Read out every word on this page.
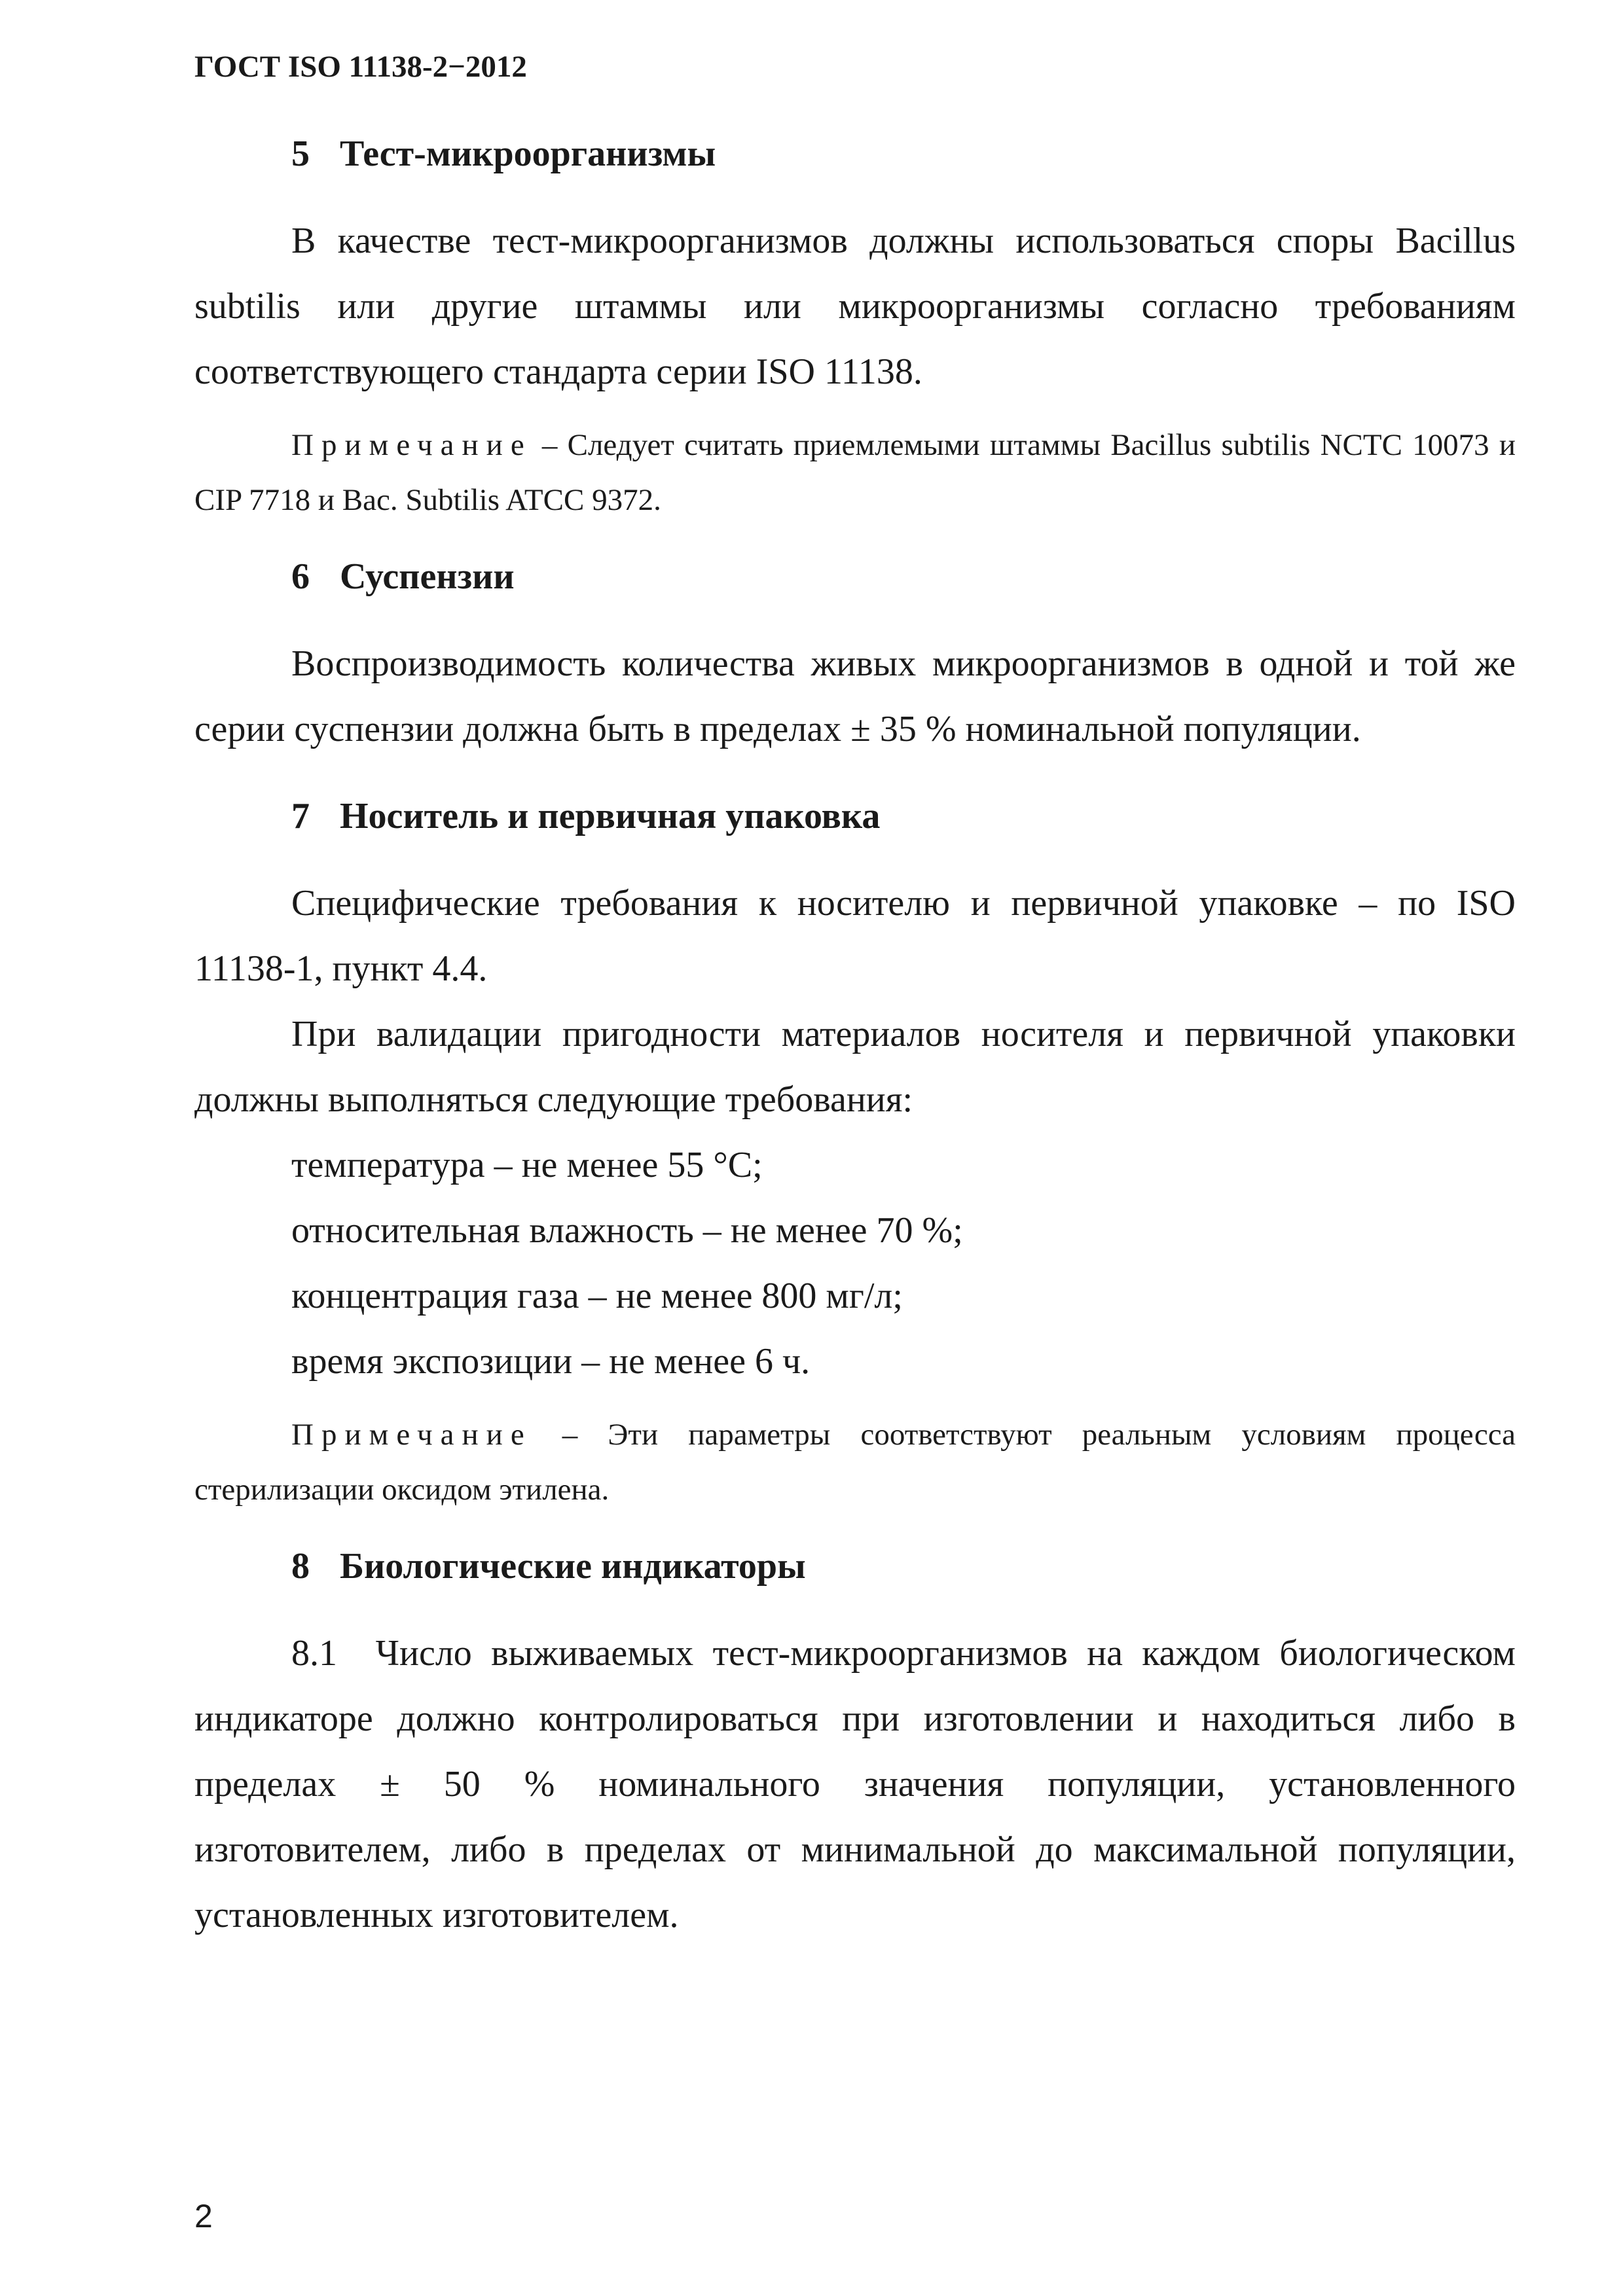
ГОСТ ISO 11138-2−2012
5 Тест-микроорганизмы

В качестве тест-микроорганизмов должны использоваться споры Bacillus subtilis или другие штаммы или микроорганизмы согласно требованиям соответствующего стандарта серии ISO 11138.

Примечание – Следует считать приемлемыми штаммы Bacillus subtilis NCTC 10073 и CIP 7718 и Bac. Subtilis ATCC 9372.

6 Суспензии

Воспроизводимость количества живых микроорганизмов в одной и той же серии суспензии должна быть в пределах ± 35 % номинальной популяции.

7 Носитель и первичная упаковка

Специфические требования к носителю и первичной упаковке – по ISO 11138-1, пункт 4.4.

При валидации пригодности материалов носителя и первичной упаковки должны выполняться следующие требования:

температура – не менее 55 °С;

относительная влажность – не менее 70 %;

концентрация газа – не менее 800 мг/л;

время экспозиции – не менее 6 ч.

Примечание – Эти параметры соответствуют реальным условиям процесса стерилизации оксидом этилена.

8 Биологические индикаторы

8.1  Число выживаемых тест-микроорганизмов на каждом биологическом индикаторе должно контролироваться при изготовлении и находиться либо в пределах ± 50 % номинального значения популяции, установленного изготовителем, либо в пределах от минимальной до максимальной популяции, установленных изготовителем.

2
